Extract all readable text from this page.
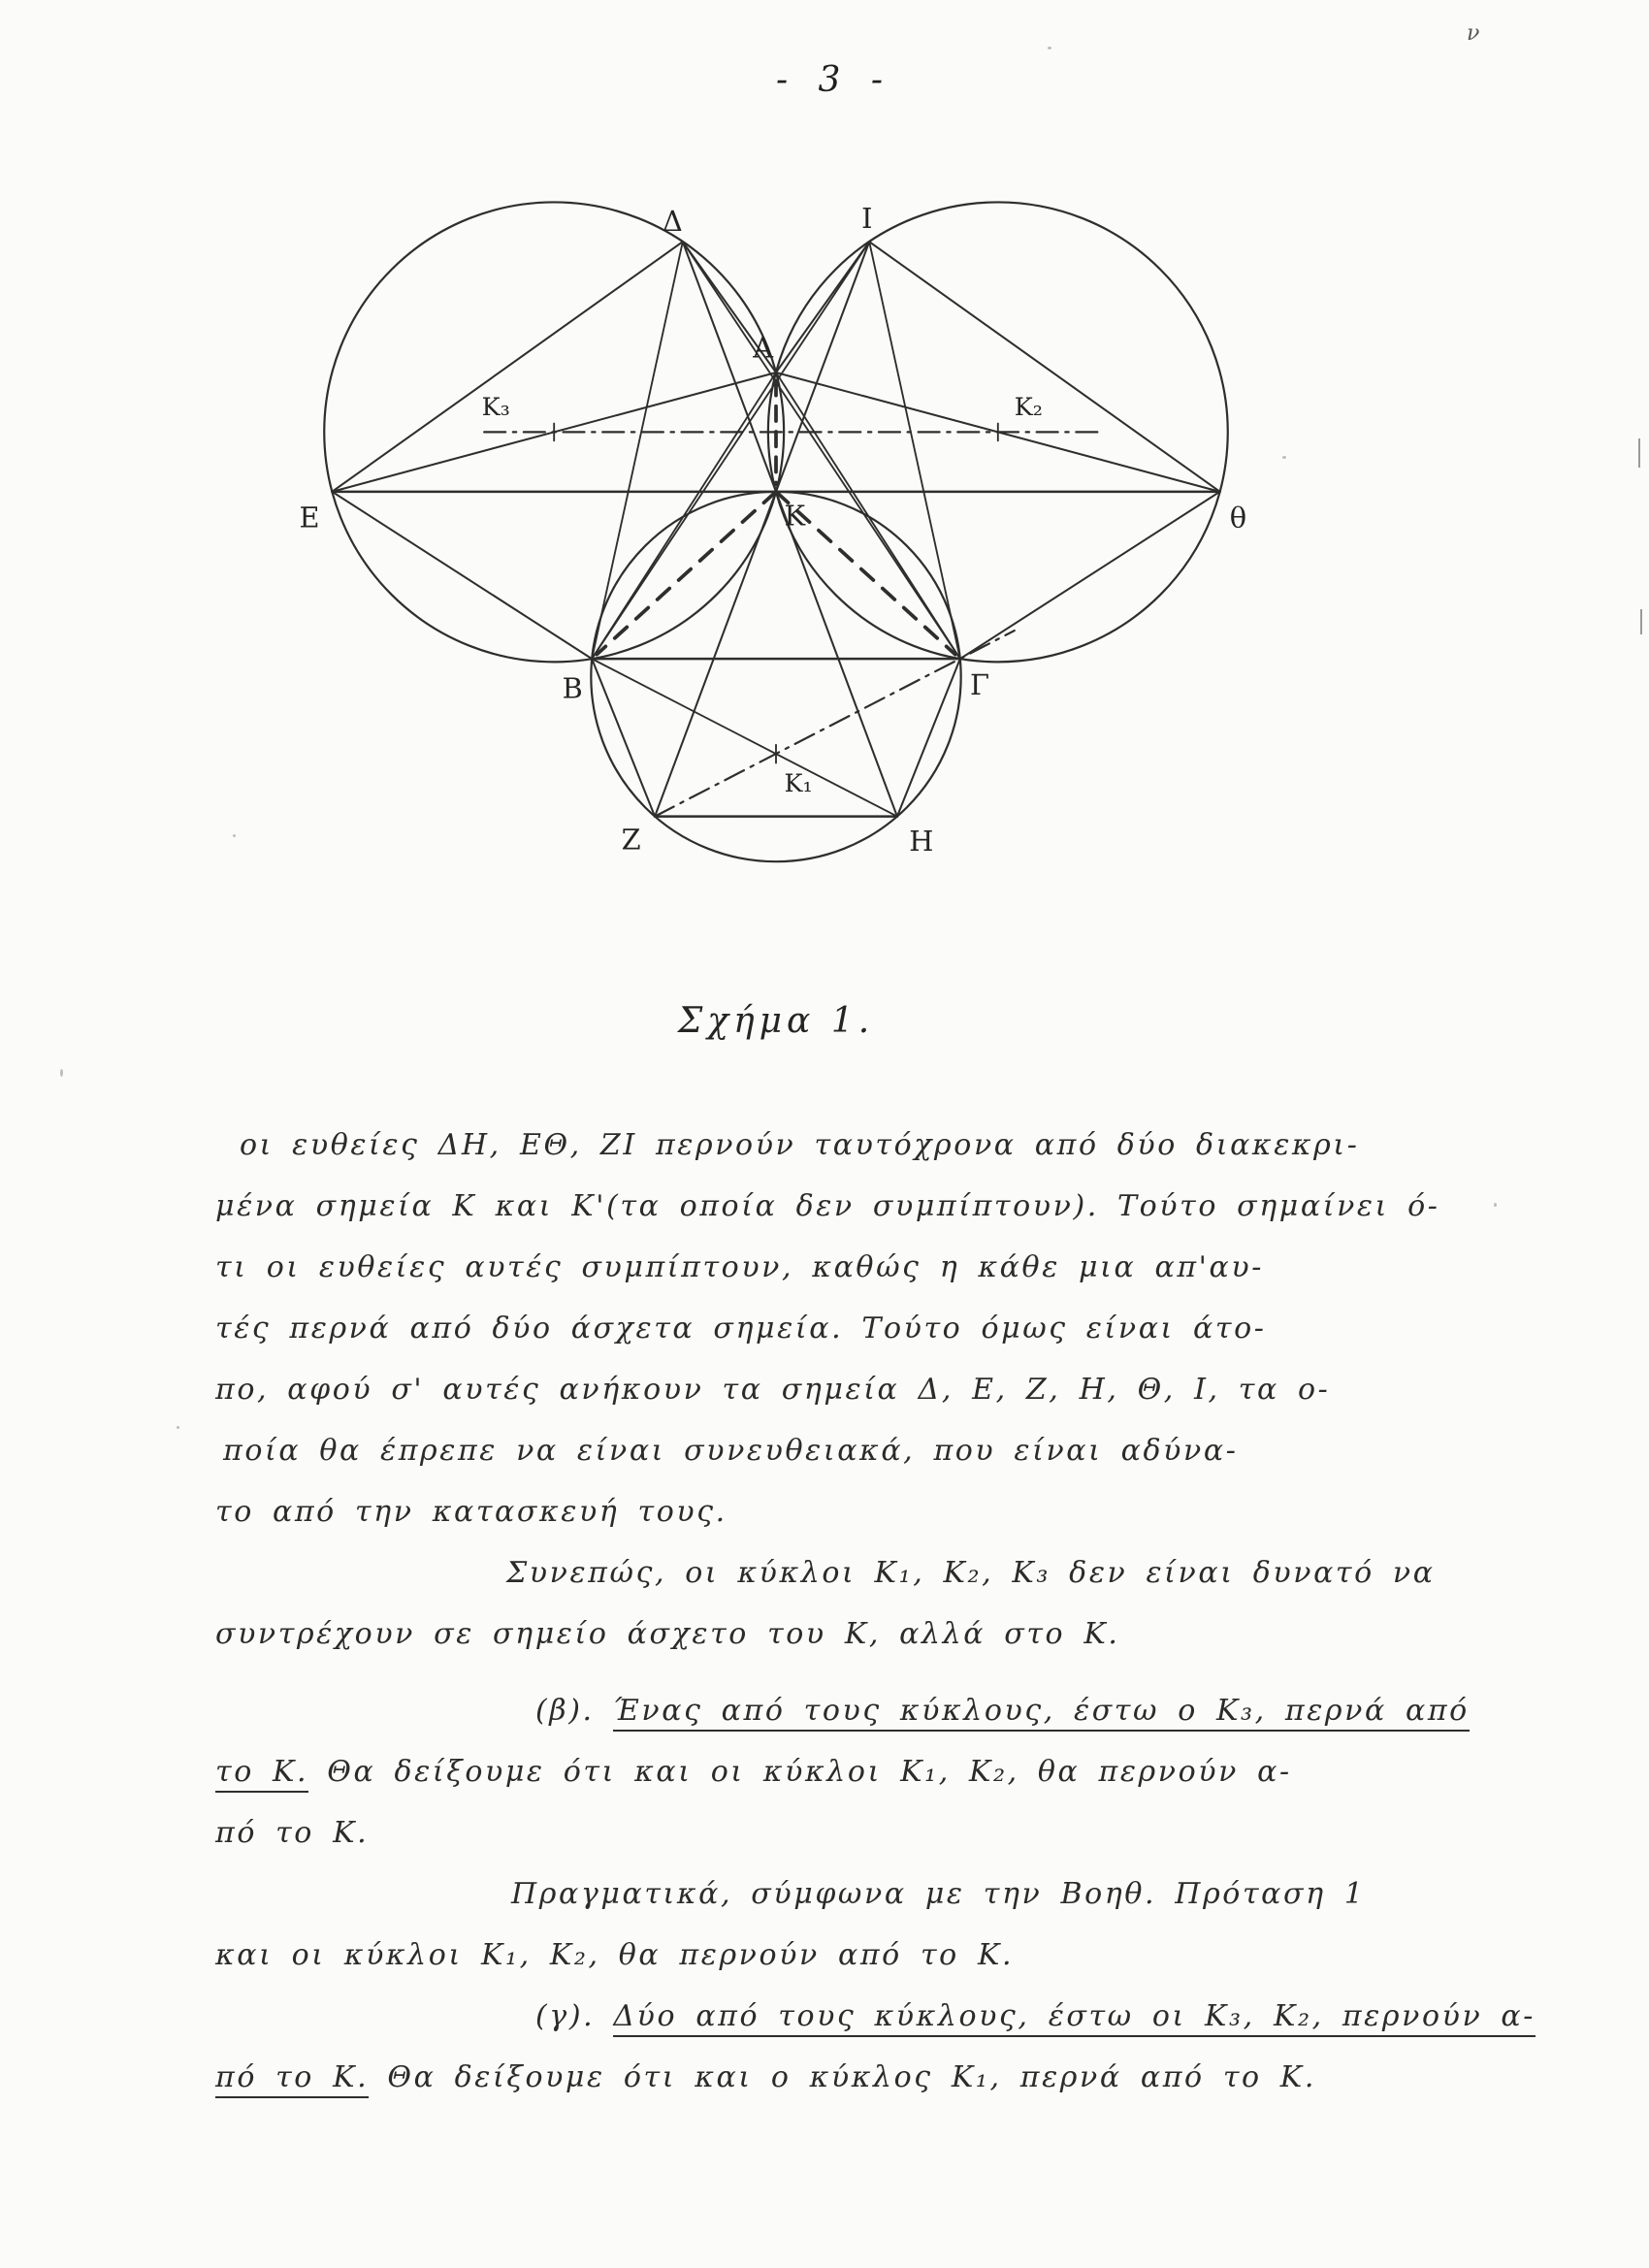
- 3 -
ν
Δ	I
A
E	θ
K
B	Γ
Z	H
K₁
K₂
K₃
Σχήμα 1.
οι ευθείες ΔΗ, ΕΘ, ΖΙ περνούν ταυτόχρονα από δύο διακεκρι-
μένα σημεία Κ και Κ'(τα οποία δεν συμπίπτουν). Τούτο σημαίνει ό-
τι οι ευθείες αυτές συμπίπτουν, καθώς η κάθε μια απ'αυ-
τές περνά από δύο άσχετα σημεία. Τούτο όμως είναι άτο-
πο, αφού σ' αυτές ανήκουν τα σημεία Δ, Ε, Ζ, Η, Θ, Ι, τα ο-
ποία θα έπρεπε να είναι συνευθειακά, που είναι αδύνα-
το από την κατασκευή τους.
Συνεπώς, οι κύκλοι Κ₁, Κ₂, Κ₃ δεν είναι δυνατό να
συντρέχουν σε σημείο άσχετο του Κ, αλλά στο Κ.
(β). Ένας από τους κύκλους, έστω ο Κ₃, περνά από
το Κ. Θα δείξουμε ότι και οι κύκλοι Κ₁, Κ₂, θα περνούν α-
πό το Κ.
Πραγματικά, σύμφωνα με την Βοηθ. Πρόταση 1
και οι κύκλοι Κ₁, Κ₂, θα περνούν από το Κ.
(γ). Δύο από τους κύκλους, έστω οι Κ₃, Κ₂, περνούν α-
πό το Κ. Θα δείξουμε ότι και ο κύκλος Κ₁, περνά από το Κ.
